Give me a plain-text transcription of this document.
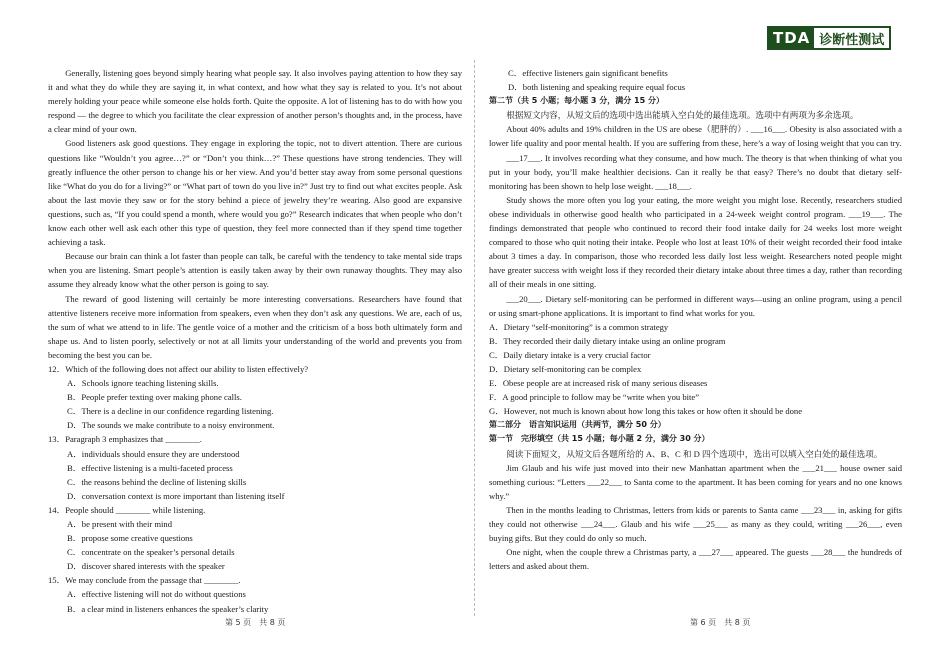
TDA 诊断性测试

Generally, listening goes beyond simply hearing what people say. It also involves paying attention to how they say it and what they do while they are saying it, in what context, and how what they say is related to you. It’s not about merely holding your peace while someone else holds forth. Quite the opposite. A lot of listening has to do with how you respond — the degree to which you facilitate the clear expression of another person’s thoughts and, in the process, have a clear mind of your own.

Good listeners ask good questions. They engage in exploring the topic, not to divert attention. There are curious questions like “Wouldn’t you agree…?” or “Don’t you think…?” These questions have strong tendencies. They will greatly influence the other person to change his or her view. And you’d better stay away from some personal questions like “What do you do for a living?” or “What part of town do you live in?” Just try to find out what excites people. Ask about the last movie they saw or for the story behind a piece of jewelry they’re wearing. Also good are expansive questions, such as, “If you could spend a month, where would you go?” Research indicates that when people who don’t know each other well ask each other this type of question, they feel more connected than if they spend time together achieving a task.

Because our brain can think a lot faster than people can talk, be careful with the tendency to take mental side traps when you are listening. Smart people’s attention is easily taken away by their own runaway thoughts. They may also assume they already know what the other person is going to say.

The reward of good listening will certainly be more interesting conversations. Researchers have found that attentive listeners receive more information from speakers, even when they don’t ask any questions. We are, each of us, the sum of what we attend to in life. The gentle voice of a mother and the criticism of a boss both ultimately form and shape us. And to listen poorly, selectively or not at all limits your understanding of the world and prevents you from becoming the best you can be.

12．Which of the following does not affect our ability to listen effectively?

A．Schools ignore teaching listening skills.

B．People prefer texting over making phone calls.

C．There is a decline in our confidence regarding listening.

D．The sounds we make contribute to a noisy environment.

13．Paragraph 3 emphasizes that ________.

A．individuals should ensure they are understood

B．effective listening is a multi-faceted process

C．the reasons behind the decline of listening skills

D．conversation context is more important than listening itself

14．People should ________ while listening.

A．be present with their mind

B．propose some creative questions

C．concentrate on the speaker’s personal details

D．discover shared interests with the speaker

15．We may conclude from the passage that ________.

A．effective listening will not do without questions

B．a clear mind in listeners enhances the speaker’s clarity

C．effective listeners gain significant benefits

D．both listening and speaking require equal focus

第二节（共 5 小题；每小题 3 分，满分 15 分）

根据短文内容，从短文后的选项中选出能填入空白处的最佳选项。选项中有两项为多余选项。

About 40% adults and 19% children in the US are obese（肥胖的）. ___16___. Obesity is also associated with a lower life quality and poor mental health. If you are suffering from these, here’s a way of losing weight that you can try.

___17___. It involves recording what they consume, and how much. The theory is that when thinking of what you put in your body, you’ll make healthier decisions. Can it really be that easy? There’s no doubt that dietary self-monitoring has been shown to help lose weight. ___18___.

Study shows the more often you log your eating, the more weight you might lose. Recently, researchers studied obese individuals in otherwise good health who participated in a 24-week weight control program. ___19___. The findings demonstrated that people who continued to record their food intake daily for 24 weeks lost more weight compared to those who quit noting their intake. People who lost at least 10% of their weight recorded their food intake about 3 times a day. In comparison, those who recorded less daily lost less weight. Researchers noted people might have greater success with weight loss if they recorded their dietary intake about three times a day, rather than recording all of their meals in one sitting.

___20___. Dietary self-monitoring can be performed in different ways—using an online program, using a pencil or using smart-phone applications. It is important to find what works for you.

A．Dietary “self-monitoring” is a common strategy

B．They recorded their daily dietary intake using an online program

C．Daily dietary intake is a very crucial factor

D．Dietary self-monitoring can be complex

E．Obese people are at increased risk of many serious diseases

F．A good principle to follow may be “write when you bite”

G．However, not much is known about how long this takes or how often it should be done

第二部分　语言知识运用（共两节，满分 50 分）

第一节　完形填空（共 15 小题；每小题 2 分，满分 30 分）

阅读下面短文，从短文后各题所给的 A、B、C 和 D 四个选项中，选出可以填入空白处的最佳选项。

Jim Glaub and his wife just moved into their new Manhattan apartment when the ___21___ house owner said something curious: “Letters ___22___ to Santa come to the apartment. It has been coming for years and no one knows why.”

Then in the months leading to Christmas, letters from kids or parents to Santa came ___23___ in, asking for gifts they could not otherwise ___24___. Glaub and his wife ___25___ as many as they could, writing ___26___, even buying gifts. But they could do only so much.

One night, when the couple threw a Christmas party, a ___27___ appeared. The guests ___28___ the hundreds of letters and asked about them.

第 5 页　共 8 页	第 6 页　共 8 页
